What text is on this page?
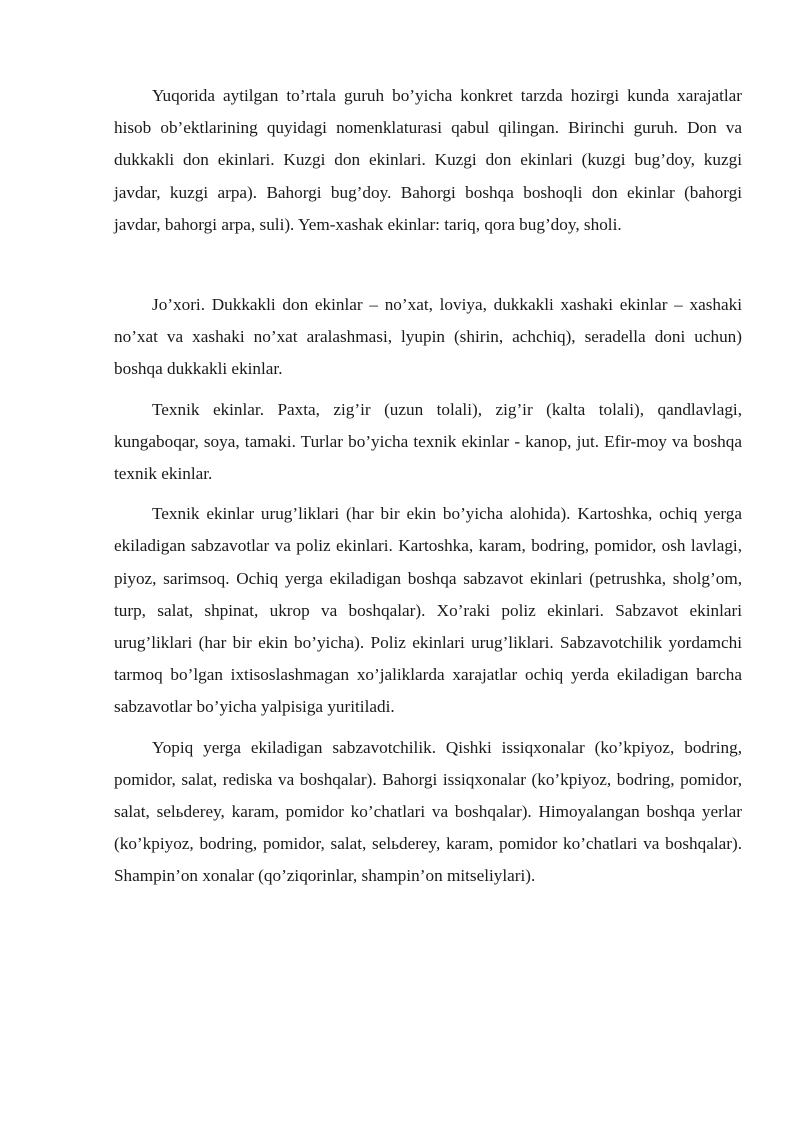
Yuqorida aytilgan to’rtala guruh bo’yicha konkret tarzda hozirgi kunda xarajatlar hisob ob’ektlarining quyidagi nomenklaturasi qabul qilingan. Birinchi guruh. Don va dukkakli don ekinlari. Kuzgi don ekinlari. Kuzgi don ekinlari (kuzgi bug’doy, kuzgi javdar, kuzgi arpa). Bahorgi bug’doy. Bahorgi boshqa boshoqli don ekinlar (bahorgi javdar, bahorgi arpa, suli). Yem-xashak ekinlar: tariq, qora bug’doy, sholi.

Jo’xori. Dukkakli don ekinlar – no’xat, loviya, dukkakli xashaki ekinlar – xashaki no’xat va xashaki no’xat aralashmasi, lyupin (shirin, achchiq), seradella doni uchun) boshqa dukkakli ekinlar.

Texnik ekinlar. Paxta, zig’ir (uzun tolali), zig’ir (kalta tolali), qandlavlagi, kungaboqar, soya, tamaki. Turlar bo’yicha texnik ekinlar - kanop, jut. Efir-moy va boshqa texnik ekinlar.

Texnik ekinlar urug’liklari (har bir ekin bo’yicha alohida). Kartoshka, ochiq yerga ekiladigan sabzavotlar va poliz ekinlari. Kartoshka, karam, bodring, pomidor, osh lavlagi, piyoz, sarimsoq. Ochiq yerga ekiladigan boshqa sabzavot ekinlari (petrushka, sholg’om, turp, salat, shpinat, ukrop va boshqalar). Xo’raki poliz ekinlari. Sabzavot ekinlari urug’liklari (har bir ekin bo’yicha). Poliz ekinlari urug’liklari. Sabzavotchilik yordamchi tarmoq bo’lgan ixtisoslashmagan xo’jaliklarda xarajatlar ochiq yerda ekiladigan barcha sabzavotlar bo’yicha yalpisiga yuritiladi.

Yopiq yerga ekiladigan sabzavotchilik. Qishki issiqxonalar (ko’kpiyoz, bodring, pomidor, salat, rediska va boshqalar). Bahorgi issiqxonalar (ko’kpiyoz, bodring, pomidor, salat, selьderey, karam, pomidor ko’chatlari va boshqalar). Himoyalangan boshqa yerlar (ko’kpiyoz, bodring, pomidor, salat, selьderey, karam, pomidor ko’chatlari va boshqalar). Shampin’on xonalar (qo’ziqorinlar, shampin’on mitseliylari).
